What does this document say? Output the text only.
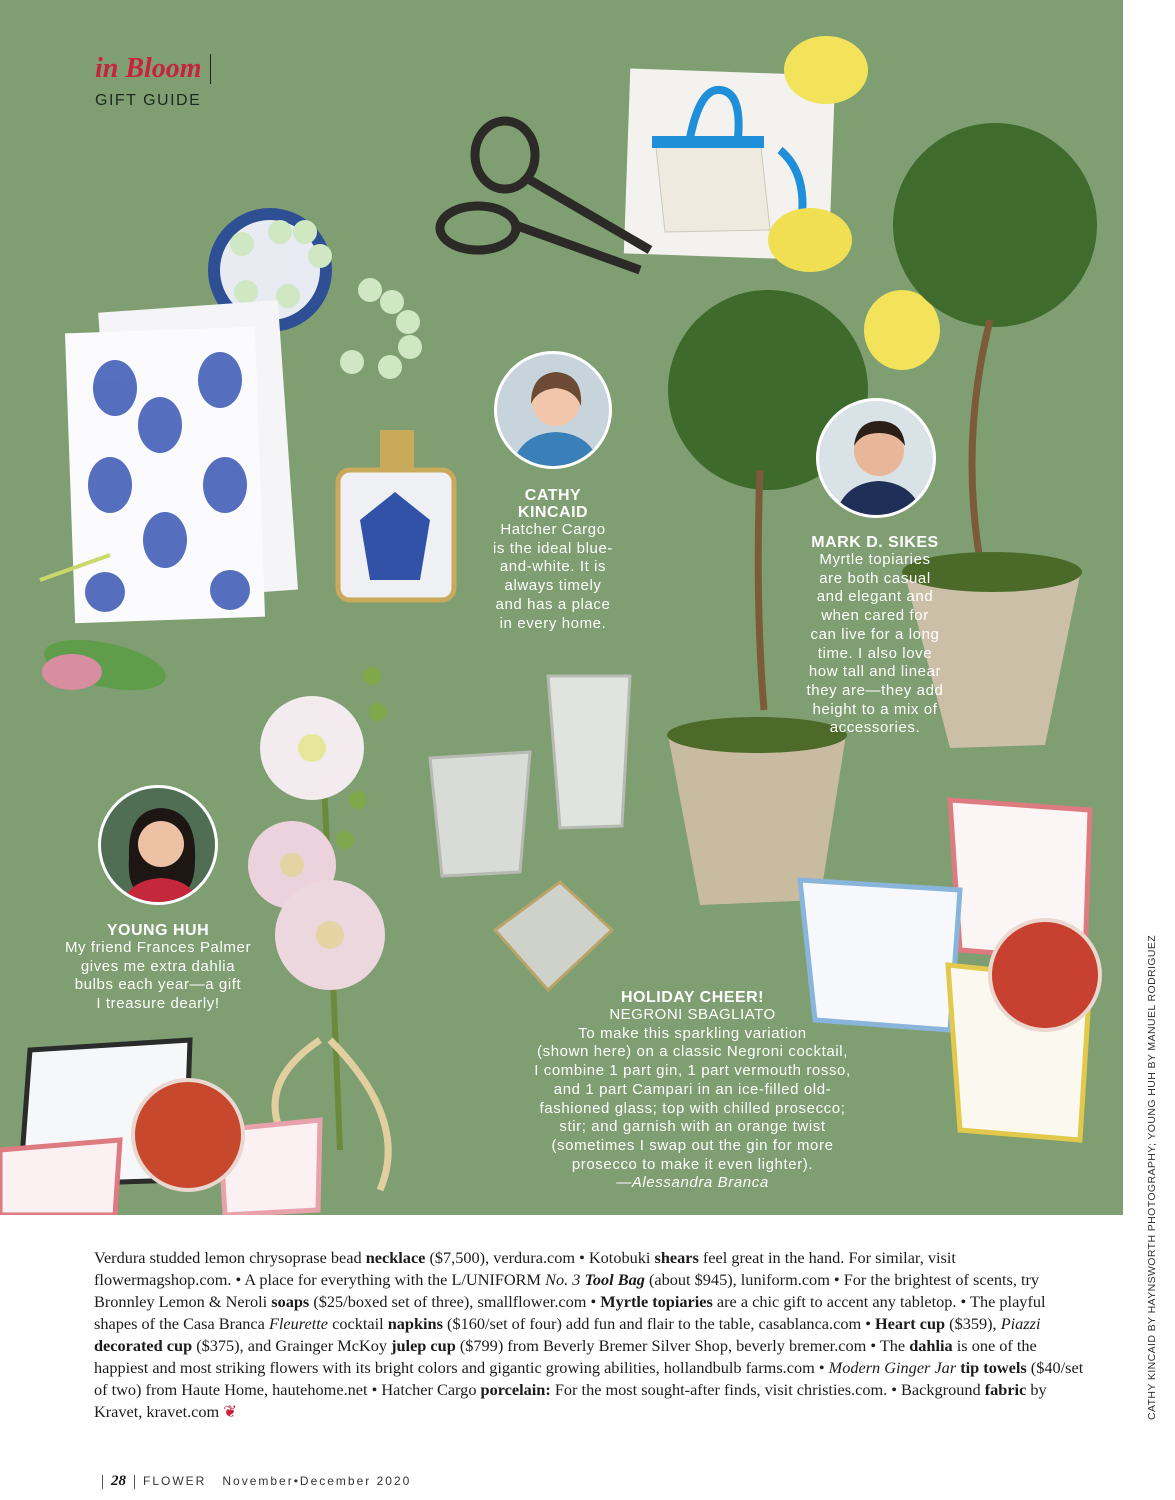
in Bloom
GIFT GUIDE
CATHY
KINCAID
Hatcher Cargo
is the ideal blue-
and-white. It is
always timely
and has a place
in every home.
MARK D. SIKES
Myrtle topiaries
are both casual
and elegant and
when cared for
can live for a long
time. I also love
how tall and linear
they are—they add
height to a mix of
accessories.
YOUNG HUH
My friend Frances Palmer
gives me extra dahlia
bulbs each year—a gift
I treasure dearly!	HOLIDAY CHEER!
NEGRONI SBAGLIATO
To make this sparkling variation
(shown here) on a classic Negroni cocktail,
I combine 1 part gin, 1 part vermouth rosso,
and 1 part Campari in an ice-filled old-
fashioned glass; top with chilled prosecco;
stir; and garnish with an orange twist
(sometimes I swap out the gin for more
prosecco to make it even lighter).
—Alessandra Branca	CATHY KINCAID BY HAYNSWORTH PHOTOGRAPHY; YOUNG HUH BY MANUEL RODRIGUEZ
Verdura studded lemon chrysoprase bead necklace ($7,500), verdura.com • Kotobuki shears feel great in the hand. For similar, visit flowermagshop.com. • A place for everything with the L/UNIFORM No. 3 Tool Bag (about $945), luniform.com • For the brightest of scents, try Bronnley Lemon & Neroli soaps ($25/boxed set of three), smallflower.com • Myrtle topiaries are a chic gift to accent any tabletop. • The playful shapes of the Casa Branca Fleurette cocktail napkins ($160/set of four) add fun and flair to the table, casablanca.com • Heart cup ($359), Piazzi decorated cup ($375), and Grainger McKoy julep cup ($799) from Beverly Bremer Silver Shop, beverly bremer.com • The dahlia is one of the happiest and most striking flowers with its bright colors and gigantic growing abilities, hollandbulb farms.com • Modern Ginger Jar tip towels ($40/set of two) from Haute Home, hautehome.net • Hatcher Cargo porcelain: For the most sought-after finds, visit christies.com. • Background fabric by Kravet, kravet.com ❦
28 FLOWER November•December 2020
